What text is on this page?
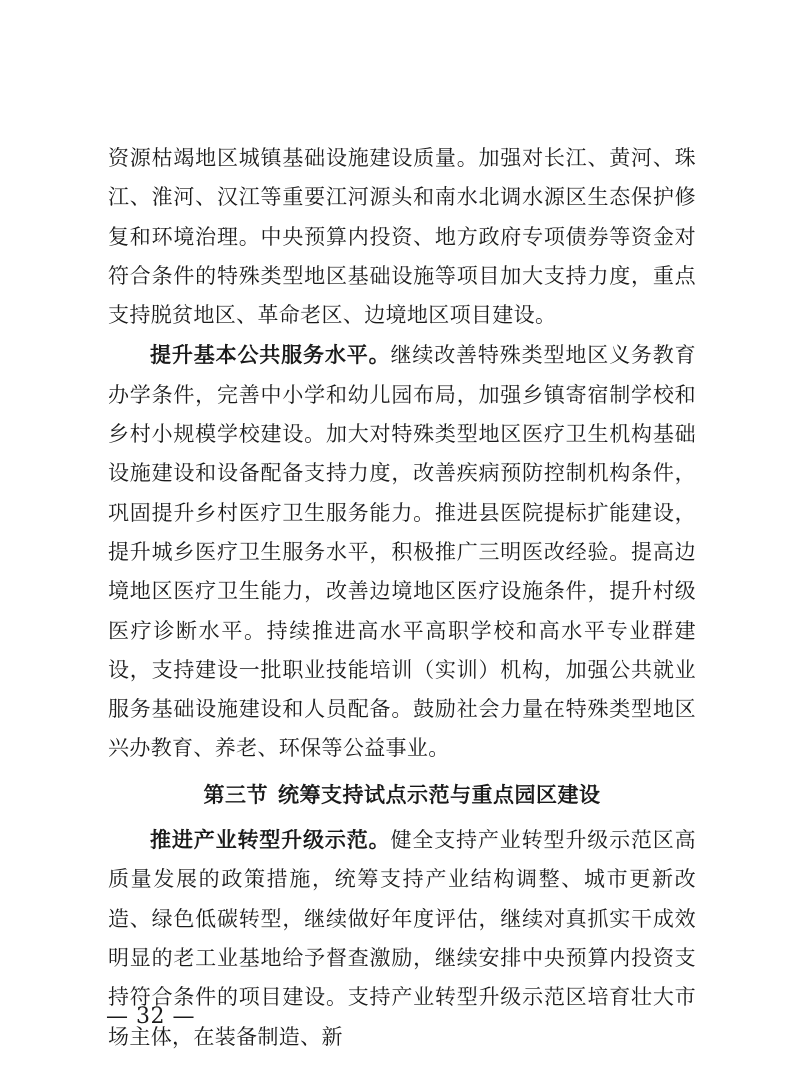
资源枯竭地区城镇基础设施建设质量。加强对长江、黄河、珠江、淮河、汉江等重要江河源头和南水北调水源区生态保护修复和环境治理。中央预算内投资、地方政府专项债券等资金对符合条件的特殊类型地区基础设施等项目加大支持力度，重点支持脱贫地区、革命老区、边境地区项目建设。

提升基本公共服务水平。继续改善特殊类型地区义务教育办学条件，完善中小学和幼儿园布局，加强乡镇寄宿制学校和乡村小规模学校建设。加大对特殊类型地区医疗卫生机构基础设施建设和设备配备支持力度，改善疾病预防控制机构条件，巩固提升乡村医疗卫生服务能力。推进县医院提标扩能建设，提升城乡医疗卫生服务水平，积极推广三明医改经验。提高边境地区医疗卫生能力，改善边境地区医疗设施条件，提升村级医疗诊断水平。持续推进高水平高职学校和高水平专业群建设，支持建设一批职业技能培训（实训）机构，加强公共就业服务基础设施建设和人员配备。鼓励社会力量在特殊类型地区兴办教育、养老、环保等公益事业。

第三节 统筹支持试点示范与重点园区建设

推进产业转型升级示范。健全支持产业转型升级示范区高质量发展的政策措施，统筹支持产业结构调整、城市更新改造、绿色低碳转型，继续做好年度评估，继续对真抓实干成效明显的老工业基地给予督查激励，继续安排中央预算内投资支持符合条件的项目建设。支持产业转型升级示范区培育壮大市场主体，在装备制造、新

— 32 —
